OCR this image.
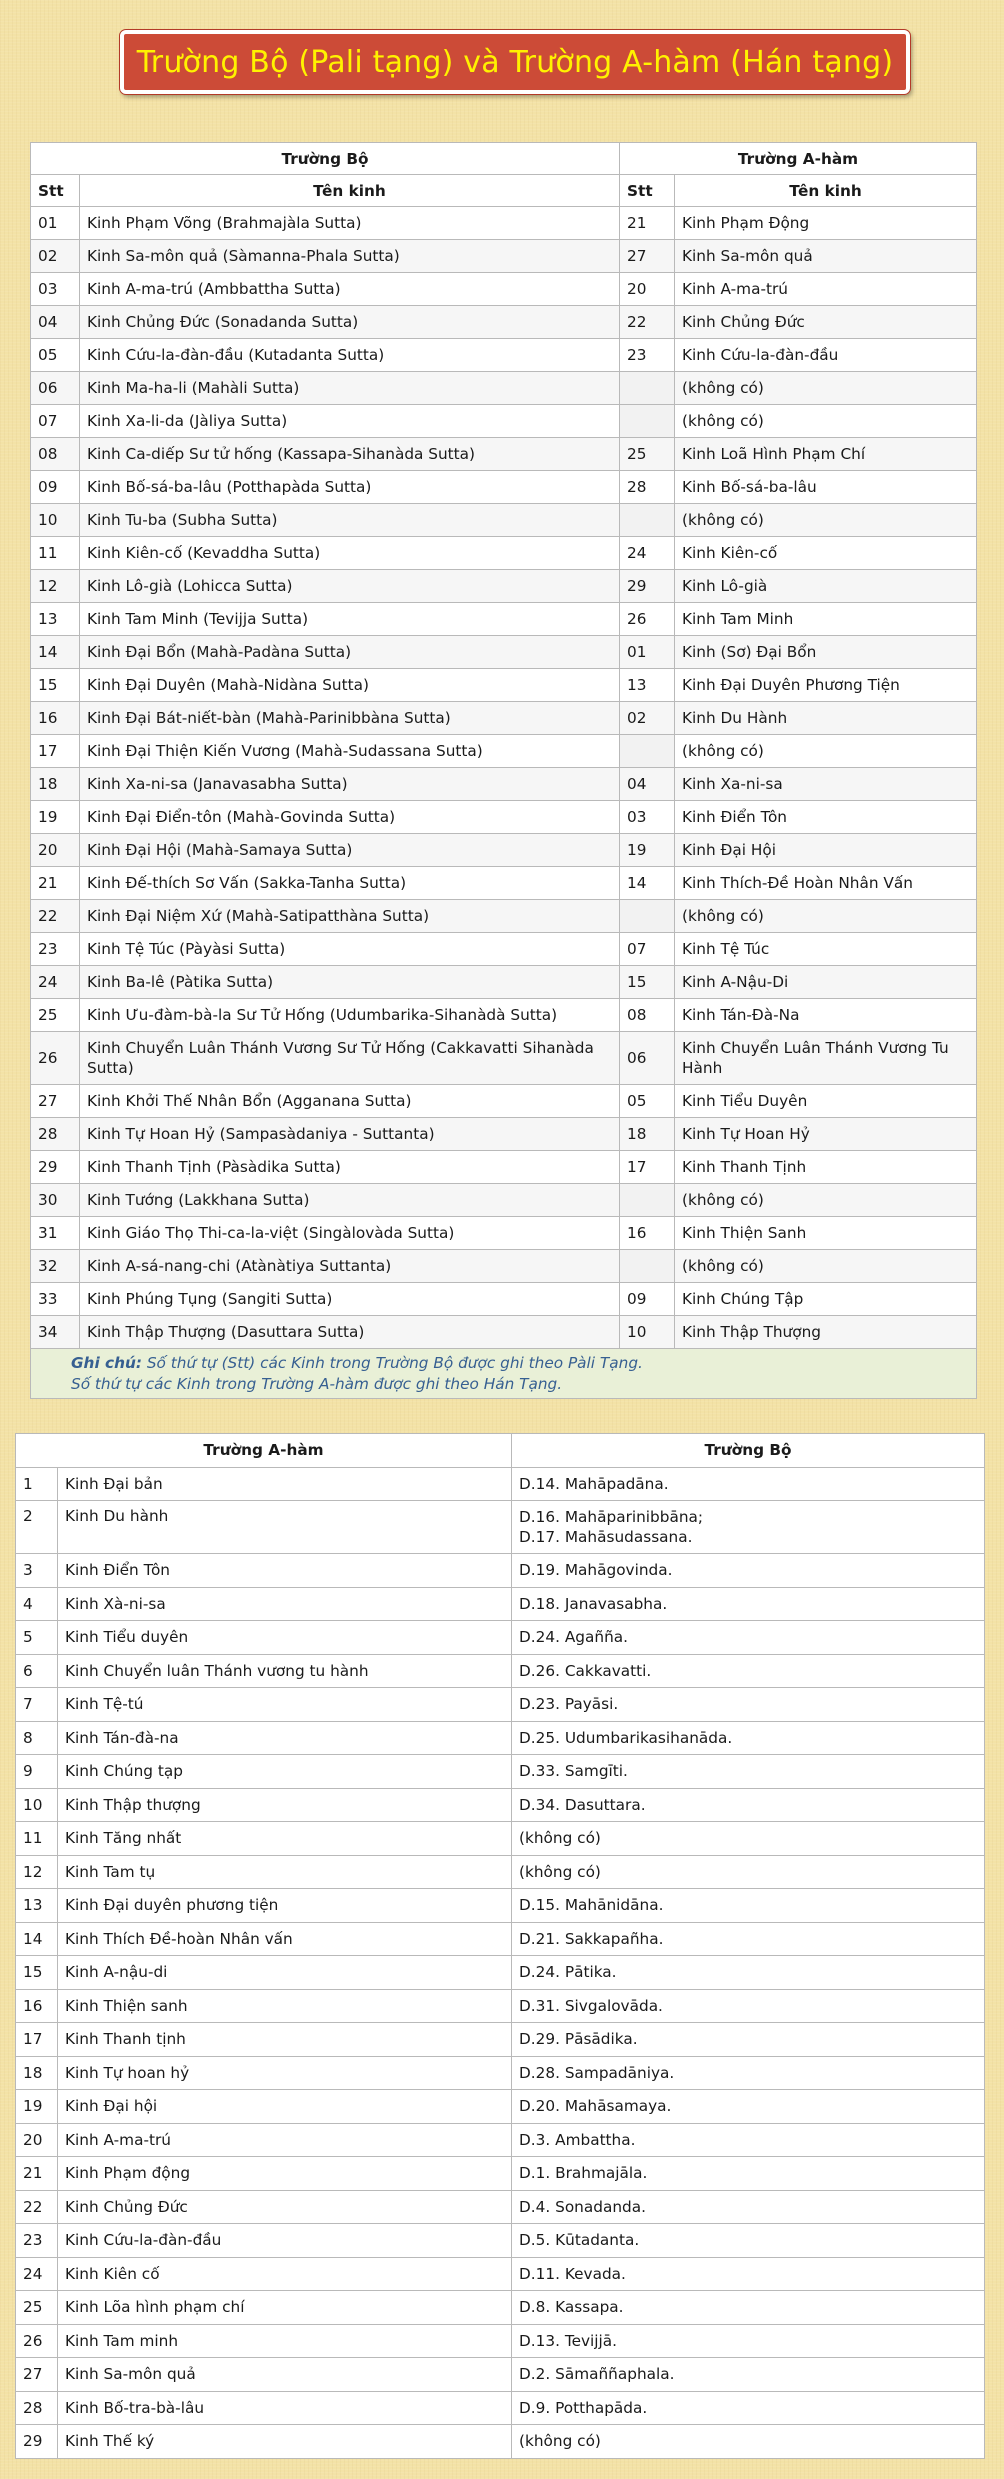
Trường Bộ (Pali tạng) và Trường A-hàm (Hán tạng)
Trường Bộ		Trường A-hàm	
Stt	Tên kinh	Stt	Tên kinh
01	Kinh Phạm Võng (Brahmajàla Sutta)	21	Kinh Phạm Động
02	Kinh Sa-môn quả (Sàmanna-Phala Sutta)	27	Kinh Sa-môn quả
03	Kinh A-ma-trú (Ambbattha Sutta)	20	Kinh A-ma-trú
04	Kinh Chủng Đức (Sonadanda Sutta)	22	Kinh Chủng Đức
05	Kinh Cứu-la-đàn-đầu (Kutadanta Sutta)	23	Kinh Cứu-la-đàn-đầu
06	Kinh Ma-ha-li (Mahàli Sutta)		(không có)
07	Kinh Xa-li-da (Jàliya Sutta)		(không có)
08	Kinh Ca-diếp Sư tử hống (Kassapa-Sihanàda Sutta)	25	Kinh Loã Hình Phạm Chí
09	Kinh Bố-sá-ba-lâu (Potthapàda Sutta)	28	Kinh Bố-sá-ba-lâu
10	Kinh Tu-ba (Subha Sutta)		(không có)
11	Kinh Kiên-cố (Kevaddha Sutta)	24	Kinh Kiên-cố
12	Kinh Lô-già (Lohicca Sutta)	29	Kinh Lô-già
13	Kinh Tam Minh (Tevijja Sutta)	26	Kinh Tam Minh
14	Kinh Đại Bổn (Mahà-Padàna Sutta)	01	Kinh (Sơ) Đại Bổn
15	Kinh Đại Duyên (Mahà-Nidàna Sutta)	13	Kinh Đại Duyên Phương Tiện
16	Kinh Đại Bát-niết-bàn (Mahà-Parinibbàna Sutta)	02	Kinh Du Hành
17	Kinh Đại Thiện Kiến Vương (Mahà-Sudassana Sutta)		(không có)
18	Kinh Xa-ni-sa (Janavasabha Sutta)	04	Kinh Xa-ni-sa
19	Kinh Đại Điển-tôn (Mahà-Govinda Sutta)	03	Kinh Điển Tôn
20	Kinh Đại Hội (Mahà-Samaya Sutta)	19	Kinh Đại Hội
21	Kinh Đế-thích Sơ Vấn (Sakka-Tanha Sutta)	14	Kinh Thích-Đề Hoàn Nhân Vấn
22	Kinh Đại Niệm Xứ (Mahà-Satipatthàna Sutta)		(không có)
23	Kinh Tệ Túc (Pàyàsi Sutta)	07	Kinh Tệ Túc
24	Kinh Ba-lê (Pàtika Sutta)	15	Kinh A-Nậu-Di
25	Kinh Ưu-đàm-bà-la Sư Tử Hống (Udumbarika-Sihanàdà Sutta)	08	Kinh Tán-Đà-Na
26	Kinh Chuyển Luân Thánh Vương Sư Tử Hống (Cakkavatti Sihanàda Sutta)	06	Kinh Chuyển Luân Thánh Vương Tu Hành
27	Kinh Khởi Thế Nhân Bổn (Agganana Sutta)	05	Kinh Tiểu Duyên
28	Kinh Tự Hoan Hỷ (Sampasàdaniya - Suttanta)	18	Kinh Tự Hoan Hỷ
29	Kinh Thanh Tịnh (Pàsàdika Sutta)	17	Kinh Thanh Tịnh
30	Kinh Tướng (Lakkhana Sutta)		(không có)
31	Kinh Giáo Thọ Thi-ca-la-việt (Singàlovàda Sutta)	16	Kinh Thiện Sanh
32	Kinh A-sá-nang-chi (Atànàtiya Suttanta)		(không có)
33	Kinh Phúng Tụng (Sangiti Sutta)	09	Kinh Chúng Tập
34	Kinh Thập Thượng (Dasuttara Sutta)	10	Kinh Thập Thượng

Ghi chú: Số thứ tự (Stt) các Kinh trong Trường Bộ được ghi theo Pàli Tạng.
Số thứ tự các Kinh trong Trường A-hàm được ghi theo Hán Tạng.			
Trường A-hàm		Trường Bộ
1	Kinh Đại bản	D.14. Mahāpadāna.
2	Kinh Du hành	D.16. Mahāparinibbāna;
D.17. Mahāsudassana.

3	Kinh Điển Tôn	D.19. Mahāgovinda.
4	Kinh Xà-ni-sa	D.18. Janavasabha.
5	Kinh Tiểu duyên	D.24. Agañña.
6	Kinh Chuyển luân Thánh vương tu hành	D.26. Cakkavatti.
7	Kinh Tệ-tú	D.23. Payāsi.
8	Kinh Tán-đà-na	D.25. Udumbarikasihanāda.
9	Kinh Chúng tạp	D.33. Samgīti.
10	Kinh Thập thượng	D.34. Dasuttara.
11	Kinh Tăng nhất	(không có)
12	Kinh Tam tụ	(không có)
13	Kinh Đại duyên phương tiện	D.15. Mahānidāna.
14	Kinh Thích Đề-hoàn Nhân vấn	D.21. Sakkapañha.
15	Kinh A-nậu-di	D.24. Pātika.
16	Kinh Thiện sanh	D.31. Sivgalovāda.
17	Kinh Thanh tịnh	D.29. Pāsādika.
18	Kinh Tự hoan hỷ	D.28. Sampadāniya.
19	Kinh Đại hội	D.20. Mahāsamaya.
20	Kinh A-ma-trú	D.3. Ambattha.
21	Kinh Phạm động	D.1. Brahmajāla.
22	Kinh Chủng Đức	D.4. Sonadanda.
23	Kinh Cứu-la-đàn-đầu	D.5. Kūtadanta.
24	Kinh Kiên cố	D.11. Kevada.
25	Kinh Lõa hình phạm chí	D.8. Kassapa.
26	Kinh Tam minh	D.13. Tevijjā.
27	Kinh Sa-môn quả	D.2. Sāmaññaphala.
28	Kinh Bố-tra-bà-lâu	D.9. Potthapāda.
29	Kinh Thế ký	(không có)
